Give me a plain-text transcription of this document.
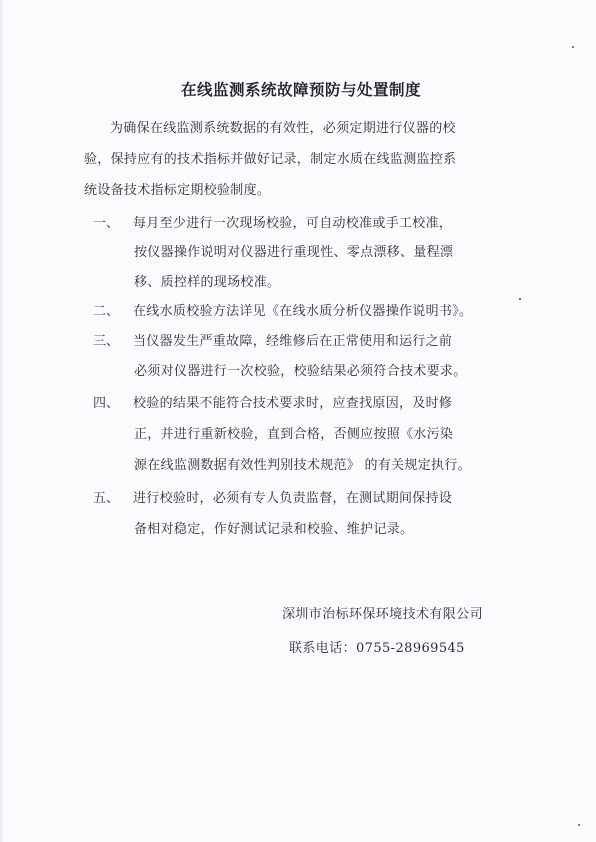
在线监测系统故障预防与处置制度
为确保在线监测系统数据的有效性，必须定期进行仪器的校
验，保持应有的技术指标并做好记录，制定水质在线监测监控系
统设备技术指标定期校验制度。
一、 每月至少进行一次现场校验，可自动校准或手工校准，
按仪器操作说明对仪器进行重现性、零点漂移、量程漂
移、质控样的现场校准。
二、 在线水质校验方法详见《在线水质分析仪器操作说明书》。
三、 当仪器发生严重故障，经维修后在正常使用和运行之前
必须对仪器进行一次校验，校验结果必须符合技术要求。
四、 校验的结果不能符合技术要求时，应查找原因，及时修
正，并进行重新校验，直到合格，否侧应按照《水污染
源在线监测数据有效性判别技术规范》 的有关规定执行。
五、 进行校验时，必须有专人负责监督，在测试期间保持设
备相对稳定，作好测试记录和校验、维护记录。
深圳市治标环保环境技术有限公司
联系电话：0755-28969545
